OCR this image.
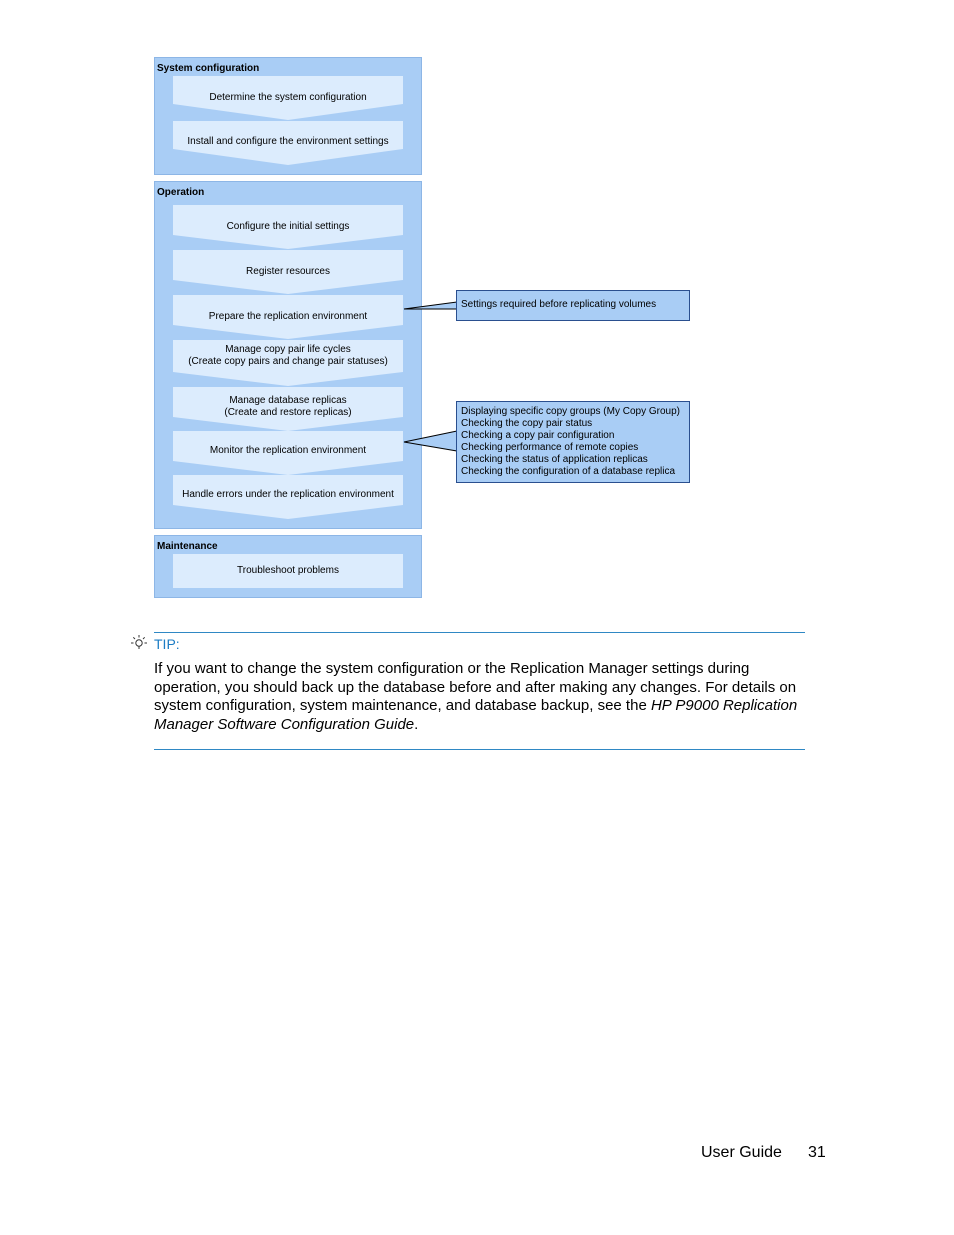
System configuration
Determine the system configuration
Install and configure the environment settings
Operation
Configure the initial settings
Register resources
Prepare the replication environment
Manage copy pair life cycles
(Create copy pairs and change pair statuses)
Manage database replicas
(Create and restore replicas)
Monitor the replication environment
Handle errors under the replication environment
Maintenance
Troubleshoot problems
Settings required before replicating volumes
Displaying specific copy groups (My Copy Group)
Checking the copy pair status
Checking a copy pair configuration
Checking performance of remote copies
Checking the status of application replicas
Checking the configuration of a database replica
TIP:
If you want to change the system configuration or the Replication Manager settings during operation, you should back up the database before and after making any changes. For details on system configuration, system maintenance, and database backup, see the HP P9000 Replication Manager Software Configuration Guide.
User Guide 31
